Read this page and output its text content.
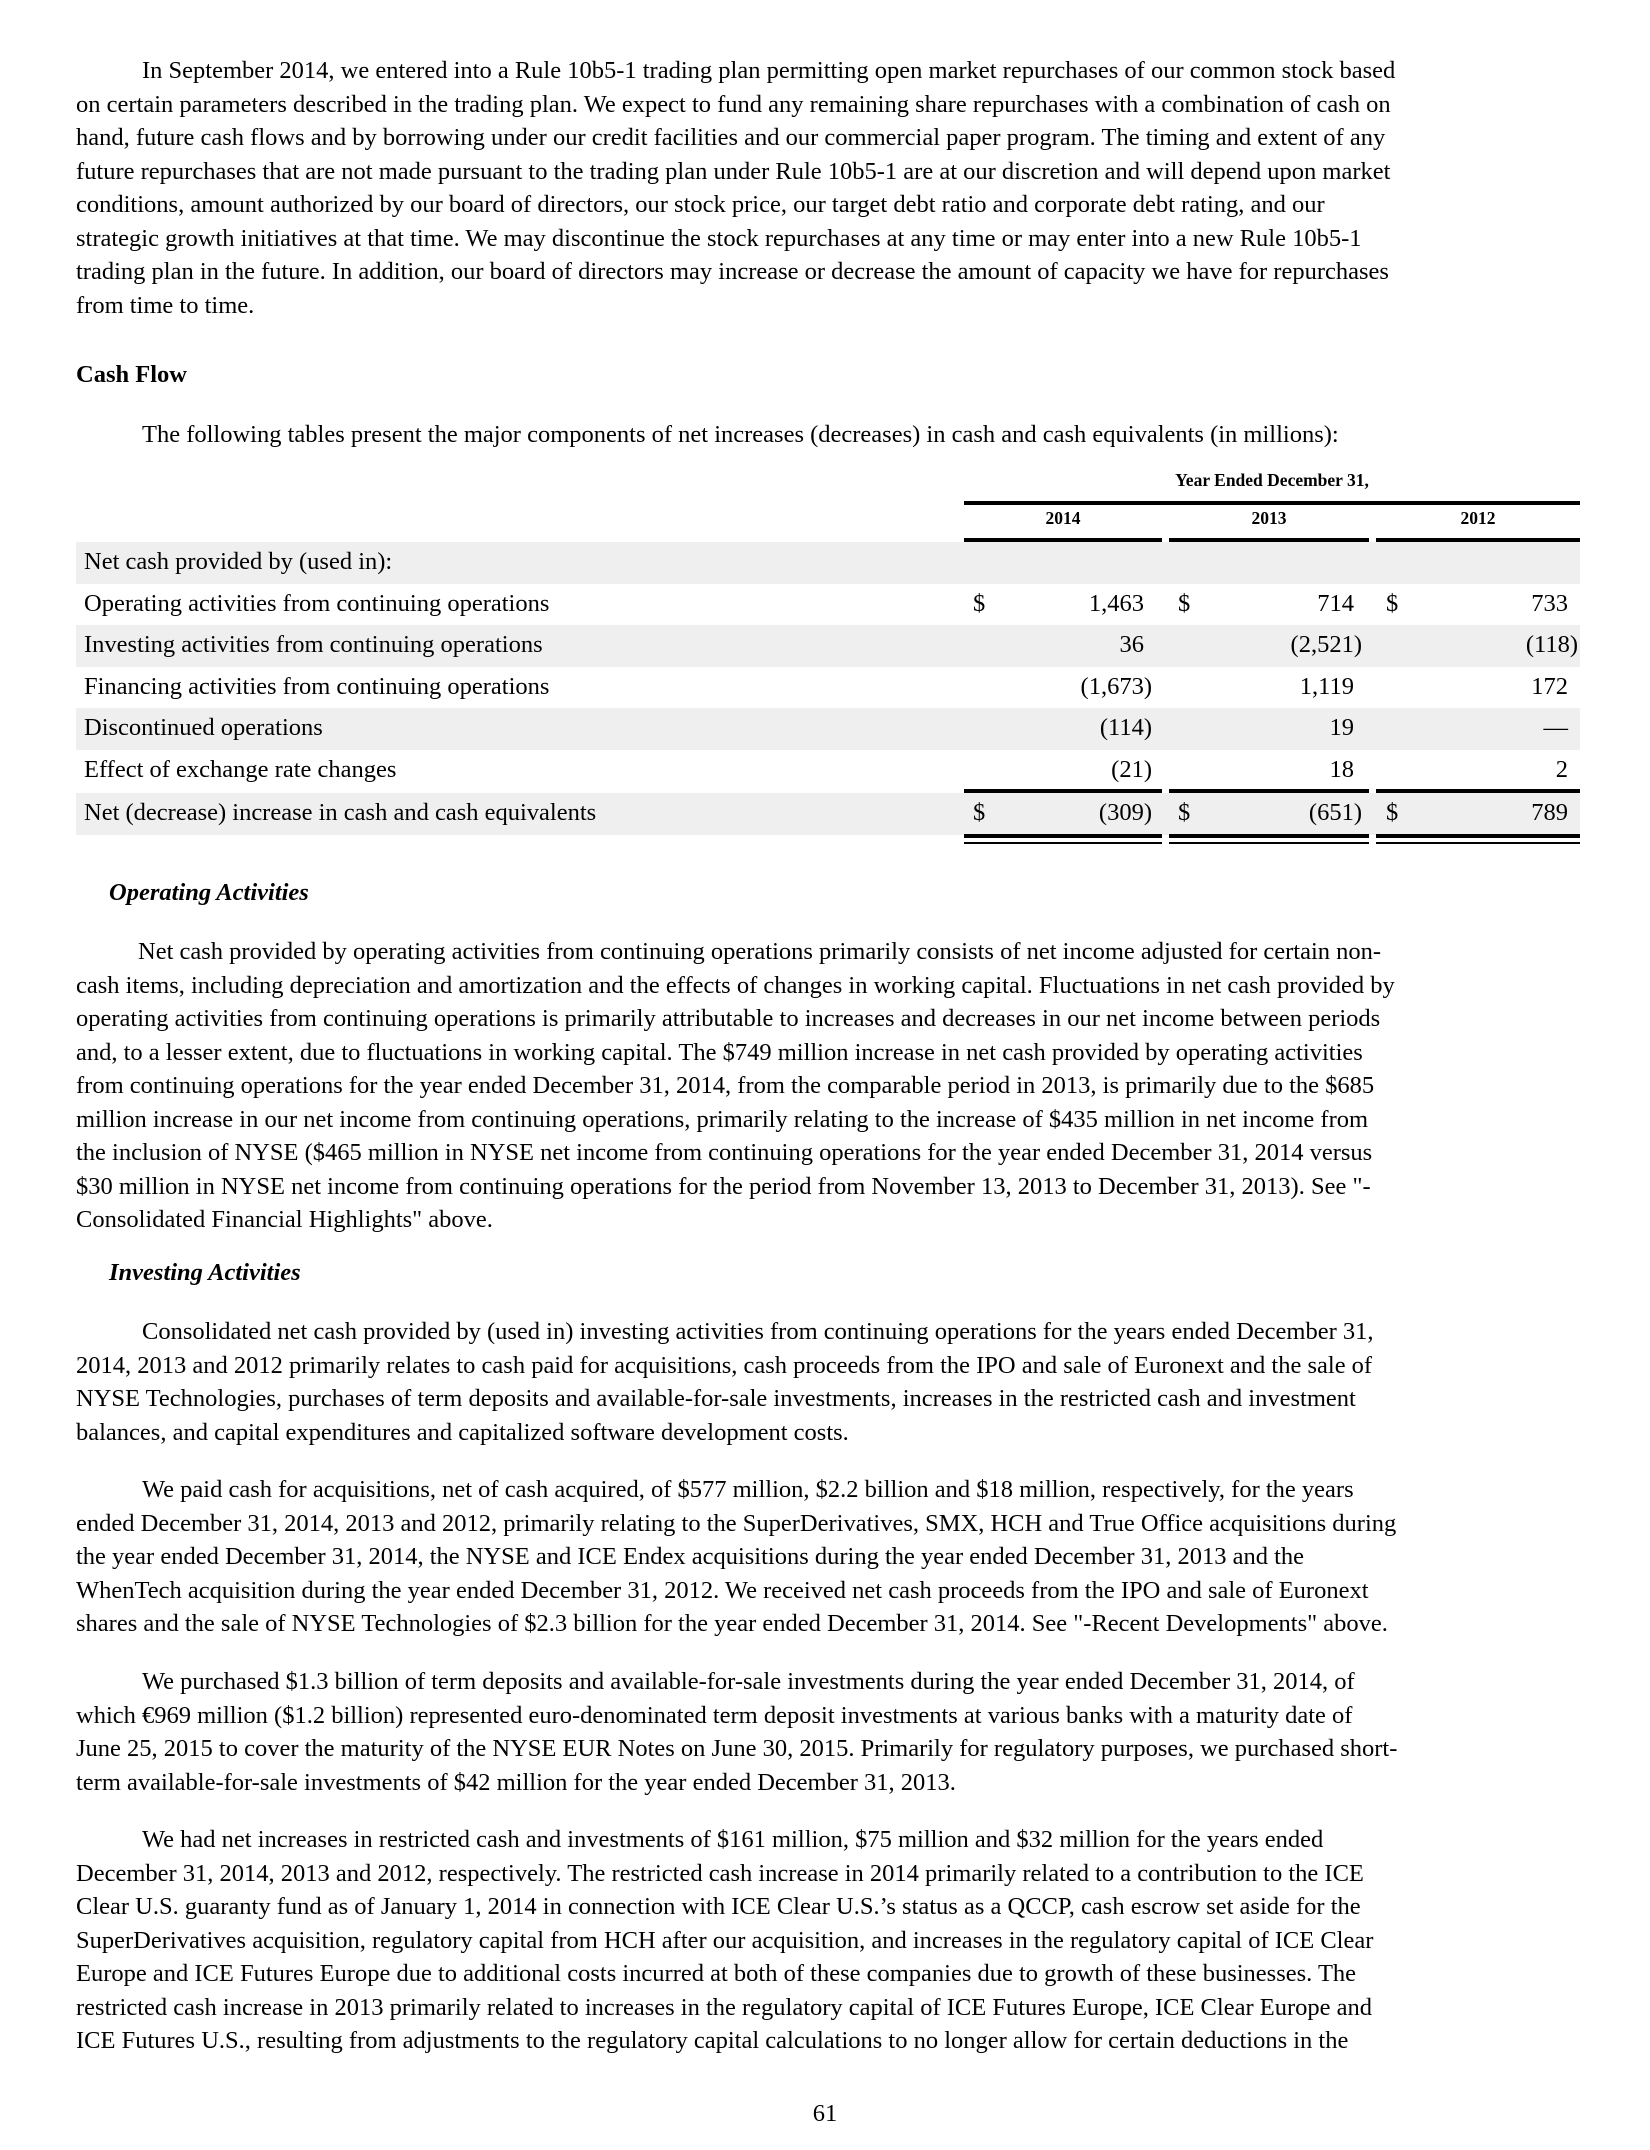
In September 2014, we entered into a Rule 10b5-1 trading plan permitting open market repurchases of our common stock based
on certain parameters described in the trading plan. We expect to fund any remaining share repurchases with a combination of cash on
hand, future cash flows and by borrowing under our credit facilities and our commercial paper program. The timing and extent of any
future repurchases that are not made pursuant to the trading plan under Rule 10b5-1 are at our discretion and will depend upon market
conditions, amount authorized by our board of directors, our stock price, our target debt ratio and corporate debt rating, and our
strategic growth initiatives at that time. We may discontinue the stock repurchases at any time or may enter into a new Rule 10b5-1
trading plan in the future. In addition, our board of directors may increase or decrease the amount of capacity we have for repurchases
from time to time.
Cash Flow
The following tables present the major components of net increases (decreases) in cash and cash equivalents (in millions):
Year Ended December 31,
2014	2013	2012
Net cash provided by (used in):
Operating activities from continuing operations	$	1,463 $	714 $	733
Investing activities from continuing operations	36	(2,521)	(118)
Financing activities from continuing operations	(1,673)	1,119	172
Discontinued operations	(114)	19	—
Effect of exchange rate changes	(21)	18	2
Net (decrease) increase in cash and cash equivalents	$	(309) $	(651) $	789
Operating Activities
Net cash provided by operating activities from continuing operations primarily consists of net income adjusted for certain non-
cash items, including depreciation and amortization and the effects of changes in working capital. Fluctuations in net cash provided by
operating activities from continuing operations is primarily attributable to increases and decreases in our net income between periods
and, to a lesser extent, due to fluctuations in working capital. The $749 million increase in net cash provided by operating activities
from continuing operations for the year ended December 31, 2014, from the comparable period in 2013, is primarily due to the $685
million increase in our net income from continuing operations, primarily relating to the increase of $435 million in net income from
the inclusion of NYSE ($465 million in NYSE net income from continuing operations for the year ended December 31, 2014 versus
$30 million in NYSE net income from continuing operations for the period from November 13, 2013 to December 31, 2013). See "-
Consolidated Financial Highlights" above.
Investing Activities
Consolidated net cash provided by (used in) investing activities from continuing operations for the years ended December 31,
2014, 2013 and 2012 primarily relates to cash paid for acquisitions, cash proceeds from the IPO and sale of Euronext and the sale of
NYSE Technologies, purchases of term deposits and available-for-sale investments, increases in the restricted cash and investment
balances, and capital expenditures and capitalized software development costs.
We paid cash for acquisitions, net of cash acquired, of $577 million, $2.2 billion and $18 million, respectively, for the years
ended December 31, 2014, 2013 and 2012, primarily relating to the SuperDerivatives, SMX, HCH and True Office acquisitions during
the year ended December 31, 2014, the NYSE and ICE Endex acquisitions during the year ended December 31, 2013 and the
WhenTech acquisition during the year ended December 31, 2012. We received net cash proceeds from the IPO and sale of Euronext
shares and the sale of NYSE Technologies of $2.3 billion for the year ended December 31, 2014. See "-Recent Developments" above.
We purchased $1.3 billion of term deposits and available-for-sale investments during the year ended December 31, 2014, of
which €969 million ($1.2 billion) represented euro-denominated term deposit investments at various banks with a maturity date of
June 25, 2015 to cover the maturity of the NYSE EUR Notes on June 30, 2015. Primarily for regulatory purposes, we purchased short-
term available-for-sale investments of $42 million for the year ended December 31, 2013.
We had net increases in restricted cash and investments of $161 million, $75 million and $32 million for the years ended
December 31, 2014, 2013 and 2012, respectively. The restricted cash increase in 2014 primarily related to a contribution to the ICE
Clear U.S. guaranty fund as of January 1, 2014 in connection with ICE Clear U.S.’s status as a QCCP, cash escrow set aside for the
SuperDerivatives acquisition, regulatory capital from HCH after our acquisition, and increases in the regulatory capital of ICE Clear
Europe and ICE Futures Europe due to additional costs incurred at both of these companies due to growth of these businesses. The
restricted cash increase in 2013 primarily related to increases in the regulatory capital of ICE Futures Europe, ICE Clear Europe and
ICE Futures U.S., resulting from adjustments to the regulatory capital calculations to no longer allow for certain deductions in the
61
